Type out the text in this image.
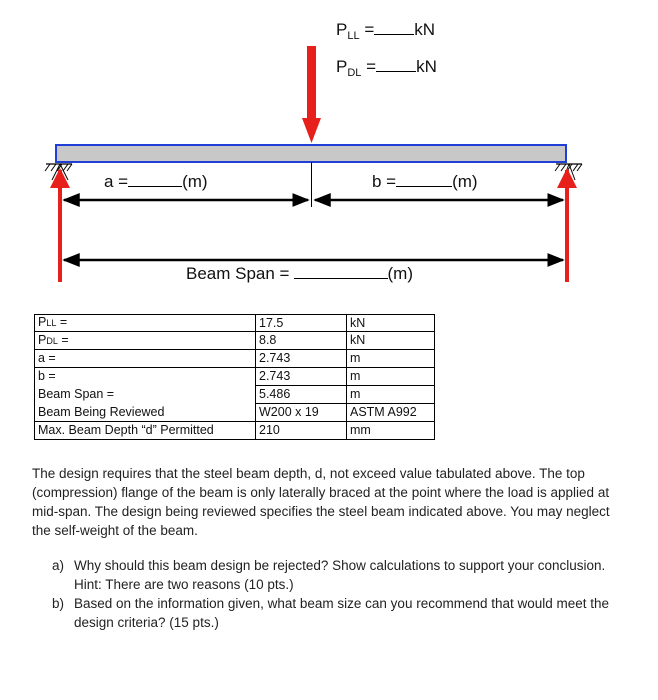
$P_{LL}$ = kN
$P_{DL}$ = kN
a =	(m)	b =	(m)
Beam Span =	(m)
PLL =	17.5	kN
PDL =	8.8	kN
a =	2.743	m
b =	2.743	m
Beam Span =	5.486	m
Beam Being Reviewed	W200 x 19	ASTM A992
Max. Beam Depth “d” Permitted	210	mm

The design requires that the steel beam depth, d, not exceed value tabulated above. The top (compression) flange of the beam is only laterally braced at the point where the load is applied at mid-span. The design being reviewed specifies the steel beam indicated above. You may neglect the self-weight of the beam.

a) Why should this beam design be rejected? Show calculations to support your conclusion. Hint: There are two reasons (10 pts.)
b) Based on the information given, what beam size can you recommend that would meet the design criteria? (15 pts.)
